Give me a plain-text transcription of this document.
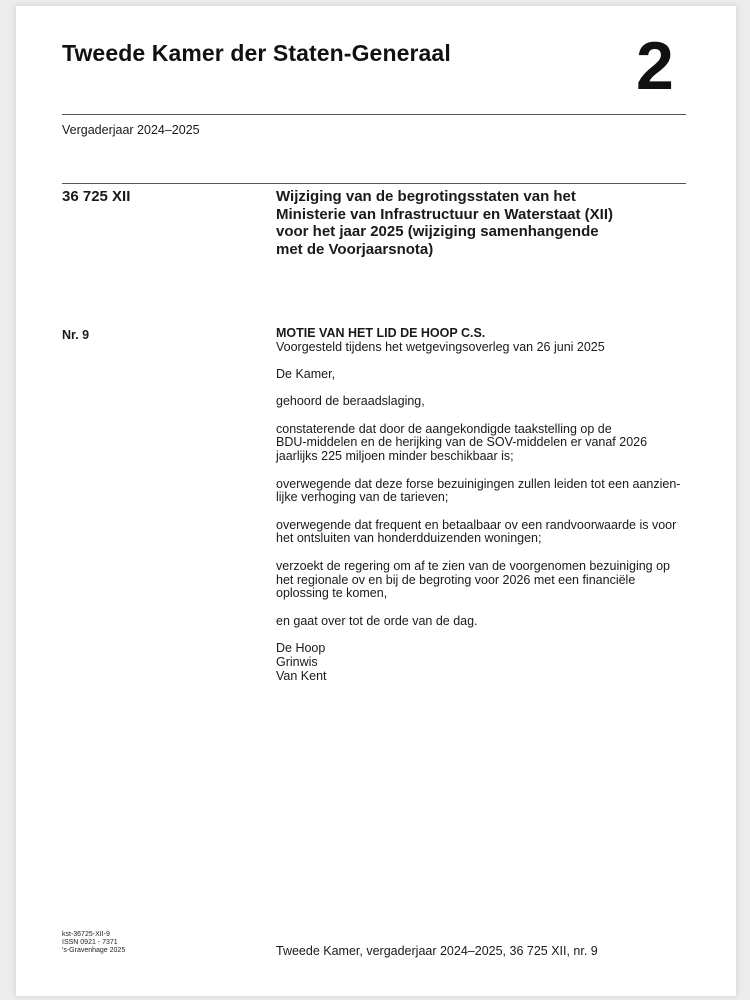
Tweede Kamer der Staten-Generaal	2
Vergaderjaar 2024–2025
36 725 XII	Wijziging van de begrotingsstaten van het
Ministerie van Infrastructuur en Waterstaat (XII)
voor het jaar 2025 (wijziging samenhangende
met de Voorjaarsnota)
Nr. 9	MOTIE VAN HET LID DE HOOP C.S.

Voorgesteld tijdens het wetgevingsoverleg van 26 juni 2025

De Kamer,

gehoord de beraadslaging,

constaterende dat door de aangekondigde taakstelling op de
BDU-middelen en de herijking van de SOV-middelen er vanaf 2026
jaarlijks 225 miljoen minder beschikbaar is;

overwegende dat deze forse bezuinigingen zullen leiden tot een aanzien-
lijke verhoging van de tarieven;

overwegende dat frequent en betaalbaar ov een randvoorwaarde is voor
het ontsluiten van honderdduizenden woningen;

verzoekt de regering om af te zien van de voorgenomen bezuiniging op
het regionale ov en bij de begroting voor 2026 met een financiële
oplossing te komen,

en gaat over tot de orde van de dag.

De Hoop
Grinwis
Van Kent
kst-36725-XII-9
ISSN 0921 - 7371
's-Gravenhage 2025	Tweede Kamer, vergaderjaar 2024–2025, 36 725 XII, nr. 9
